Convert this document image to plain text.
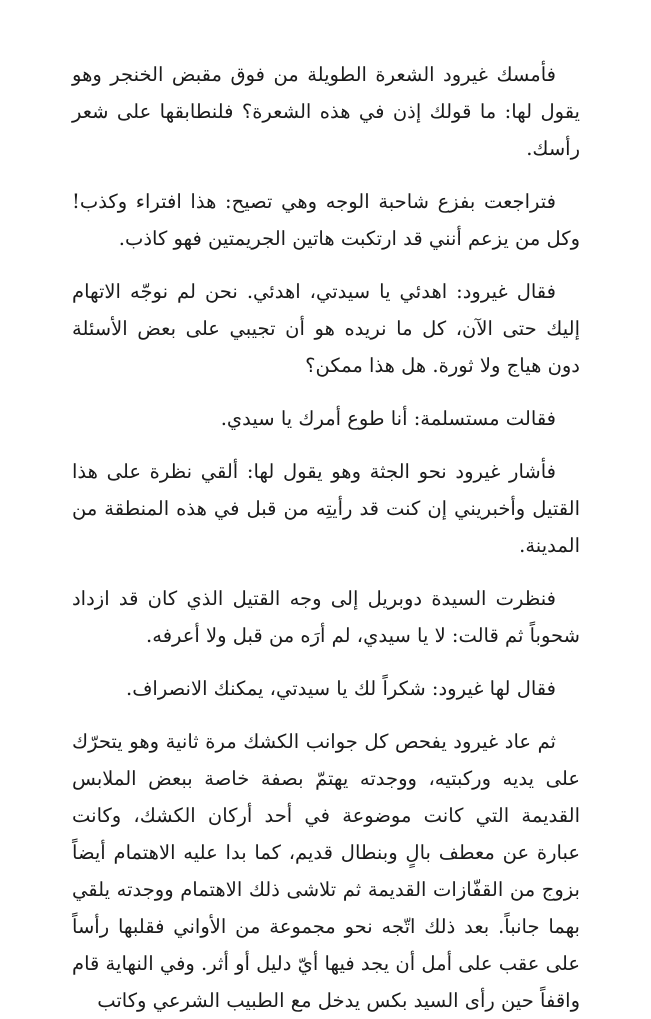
فأمسك غيرود الشعرة الطويلة من فوق مقبض الخنجر وهو يقول لها: ما قولك إذن في هذه الشعرة؟ فلنطابقها على شعر رأسك.

فتراجعت بفزع شاحبة الوجه وهي تصيح: هذا افتراء وكذب! وكل من يزعم أنني قد ارتكبت هاتين الجريمتين فهو كاذب.

فقال غيرود: اهدئي يا سيدتي، اهدئي. نحن لم نوجّه الاتهام إليك حتى الآن، كل ما نريده هو أن تجيبي على بعض الأسئلة دون هياج ولا ثورة. هل هذا ممكن؟

فقالت مستسلمة: أنا طوع أمرك يا سيدي.

فأشار غيرود نحو الجثة وهو يقول لها: ألقي نظرة على هذا القتيل وأخبريني إن كنت قد رأيتِه من قبل في هذه المنطقة من المدينة.

فنظرت السيدة دوبريل إلى وجه القتيل الذي كان قد ازداد شحوباً ثم قالت: لا يا سيدي، لم أرَه من قبل ولا أعرفه.

فقال لها غيرود: شكراً لك يا سيدتي، يمكنك الانصراف.

ثم عاد غيرود يفحص كل جوانب الكشك مرة ثانية وهو يتحرّك على يديه وركبتيه، ووجدته يهتمّ بصفة خاصة ببعض الملابس القديمة التي كانت موضوعة في أحد أركان الكشك، وكانت عبارة عن معطف بالٍ وبنطال قديم، كما بدا عليه الاهتمام أيضاً بزوج من القفّازات القديمة ثم تلاشى ذلك الاهتمام ووجدته يلقي بهما جانباً. بعد ذلك اتّجه نحو مجموعة من الأواني فقلبها رأساً على عقب على أمل أن يجد فيها أيّ دليل أو أثر. وفي النهاية قام واقفاً حين رأى السيد بكس يدخل مع الطبيب الشرعي وكاتب
